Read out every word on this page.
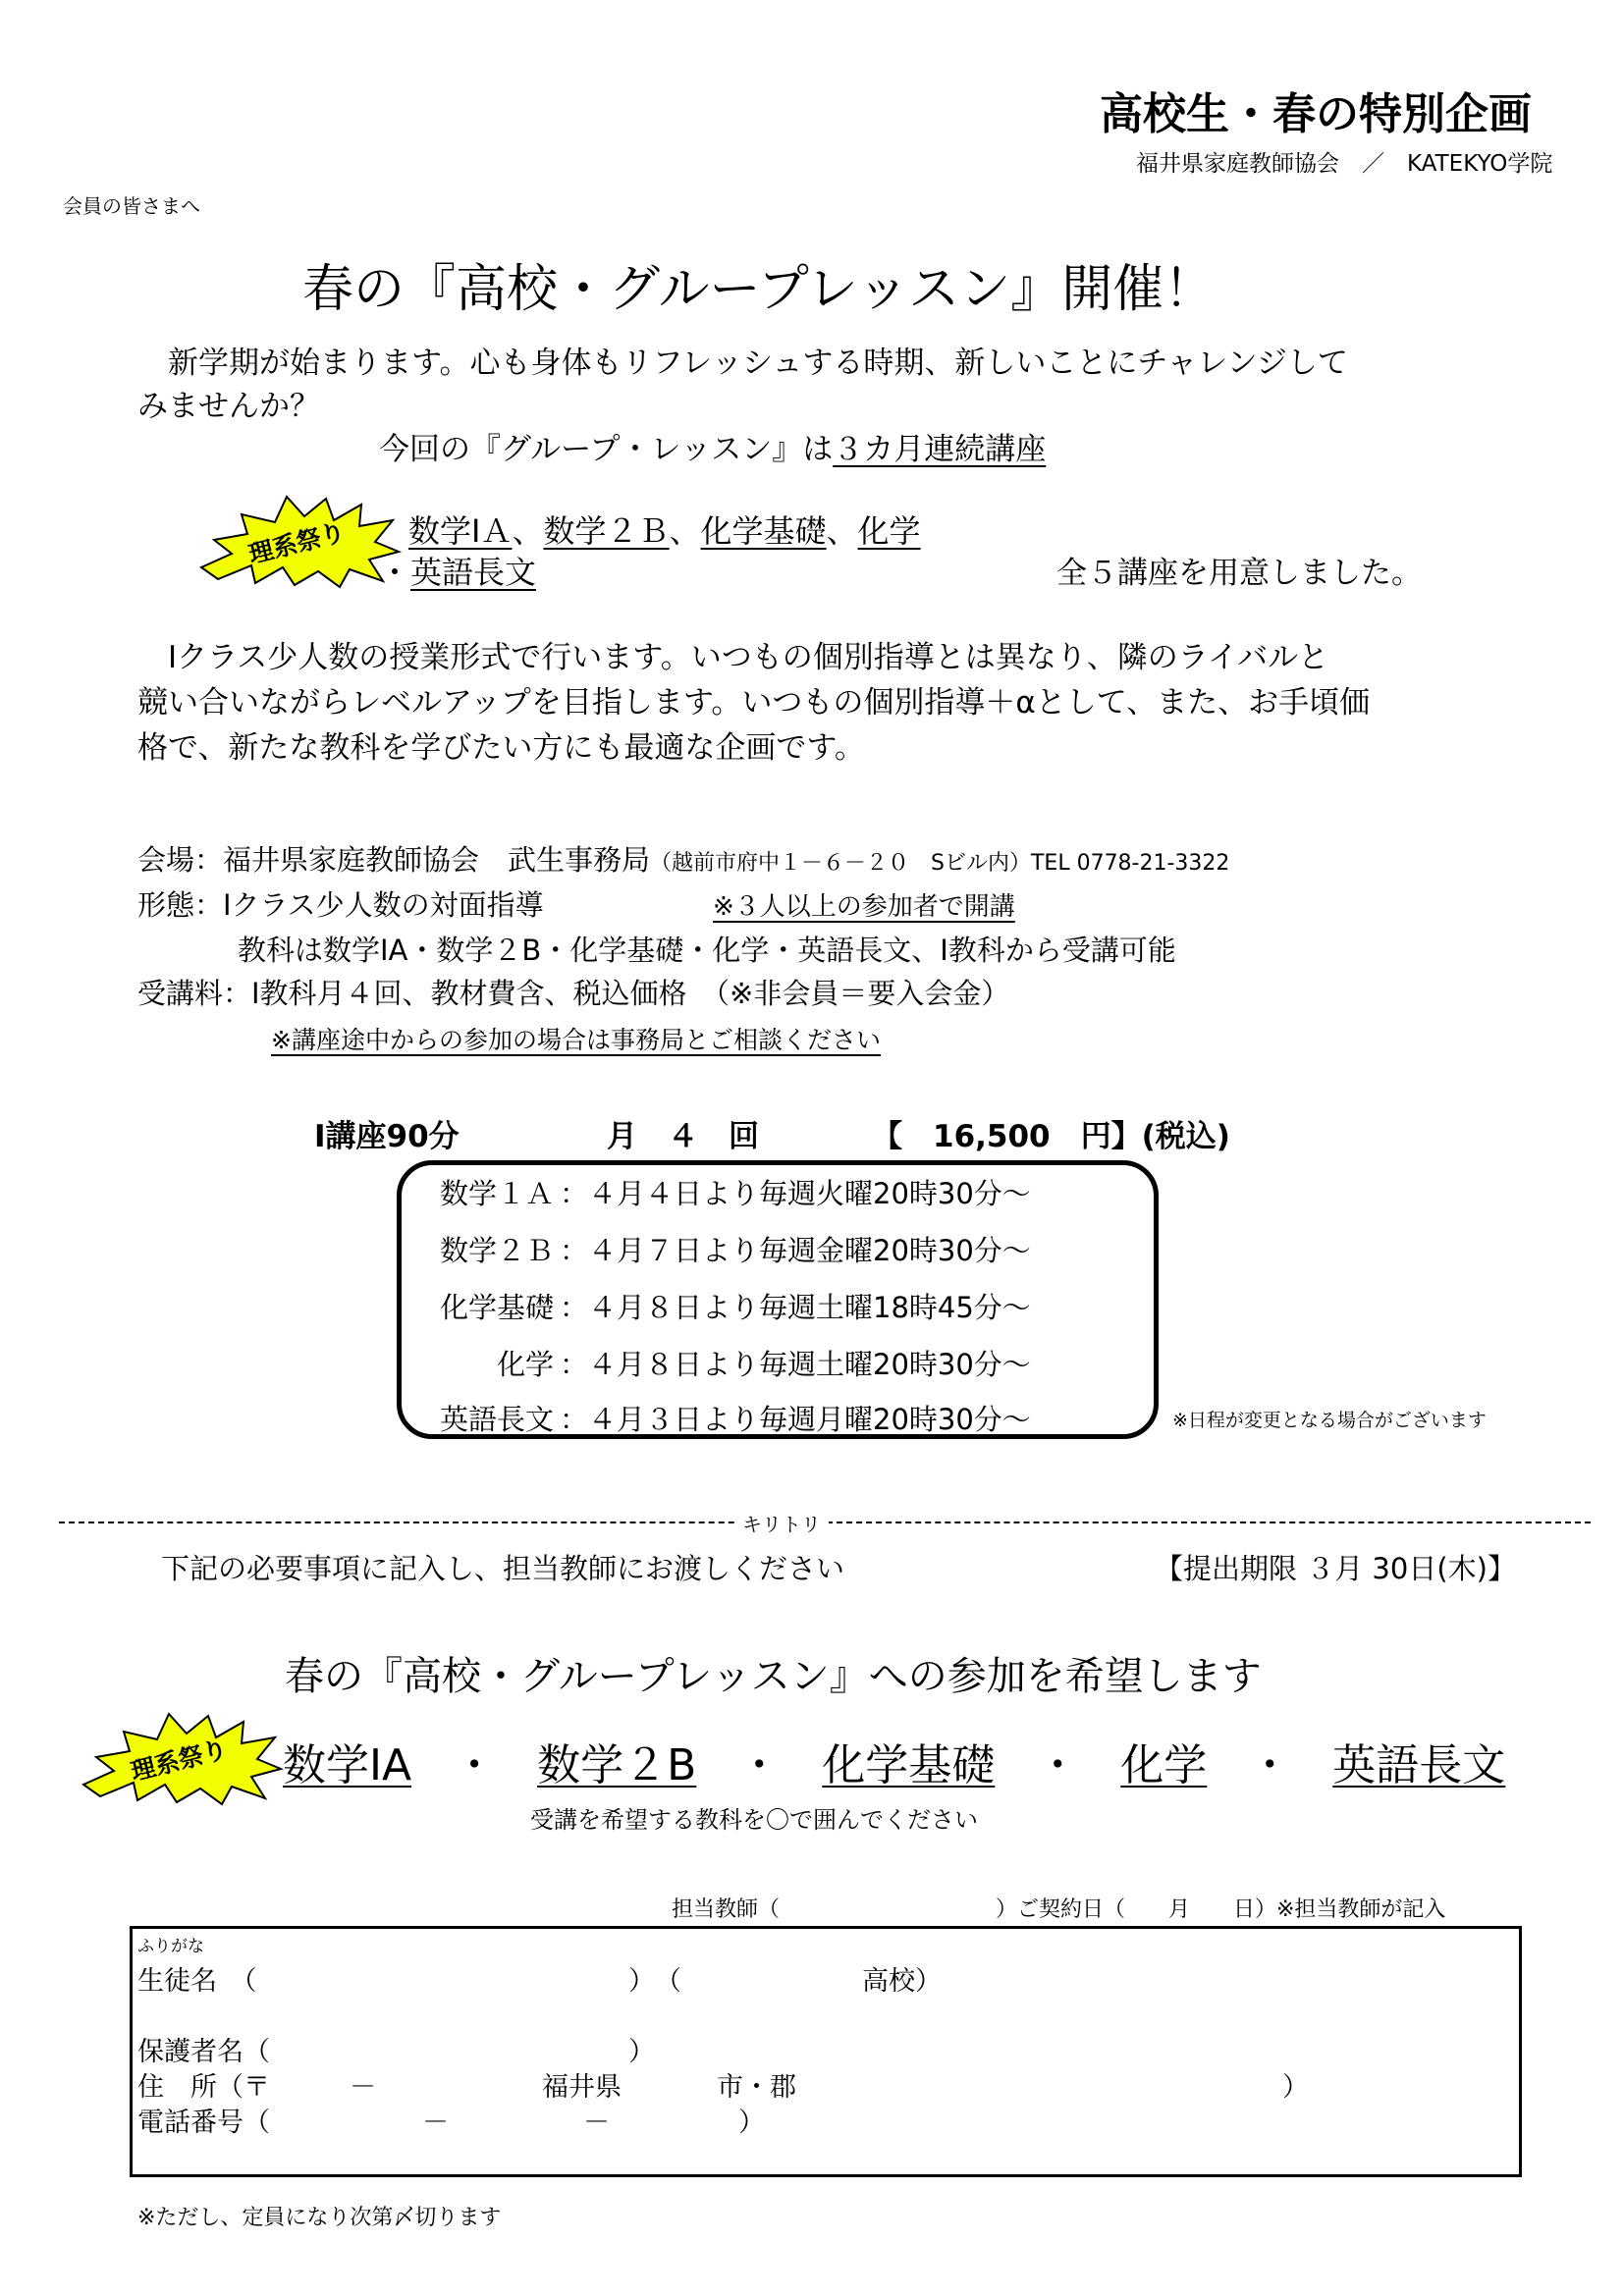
高校生・春の特別企画
福井県家庭教師協会　／　KATEKYO学院
会員の皆さまへ
春の『高校・グループレッスン』開催！
　新学期が始まります。心も身体もリフレッシュする時期、新しいことにチャレンジして
みませんか？
今回の『グループ・レッスン』は３カ月連続講座
理系祭り 数学ⅠＡ、数学２Ｂ、化学基礎、化学
・英語長文	全５講座を用意しました。
　Ⅰクラス少人数の授業形式で行います。いつもの個別指導とは異なり、隣のライバルと
競い合いながらレベルアップを目指します。いつもの個別指導＋αとして、また、お手頃価
格で、新たな教科を学びたい方にも最適な企画です。
会場：福井県家庭教師協会　武生事務局（越前市府中１－６－２０　Sビル内）TEL 0778-21-3322
形態：Ⅰクラス少人数の対面指導	※３人以上の参加者で開講
教科は数学ⅠA・数学２B・化学基礎・化学・英語長文、Ⅰ教科から受講可能
受講料：Ⅰ教科月４回、教材費含、税込価格　（※非会員＝要入会金）
※講座途中からの参加の場合は事務局とご相談ください
Ⅰ講座90分	月　４　回	【　16,500　円】(税込)
数学１Ａ ：４月４日より毎週火曜20時30分～
数学２Ｂ ：４月７日より毎週金曜20時30分～
化学基礎 ：４月８日より毎週土曜18時45分～
化学 ：４月８日より毎週土曜20時30分～
英語長文 ：４月３日より毎週月曜20時30分～	※日程が変更となる場合がございます
キリトリ
下記の必要事項に記入し、担当教師にお渡しください	【提出期限 ３月 30日(木)】
春の『高校・グループレッスン』への参加を希望します
理系祭り 数学ⅠA ・ 数学２B ・ 化学基礎 ・ 化学 ・ 英語長文
受講を希望する教科を〇で囲んでください
担当教師（　　　　　　　　　　）ご契約日（　　月　　日）※担当教師が記入
ふりがな
生徒名　（	）　（	高校）
保護者名（	）
住　所（〒　　　－	福井県	市・郡	）
電話番号（	－	－	）
※ただし、定員になり次第〆切ります
